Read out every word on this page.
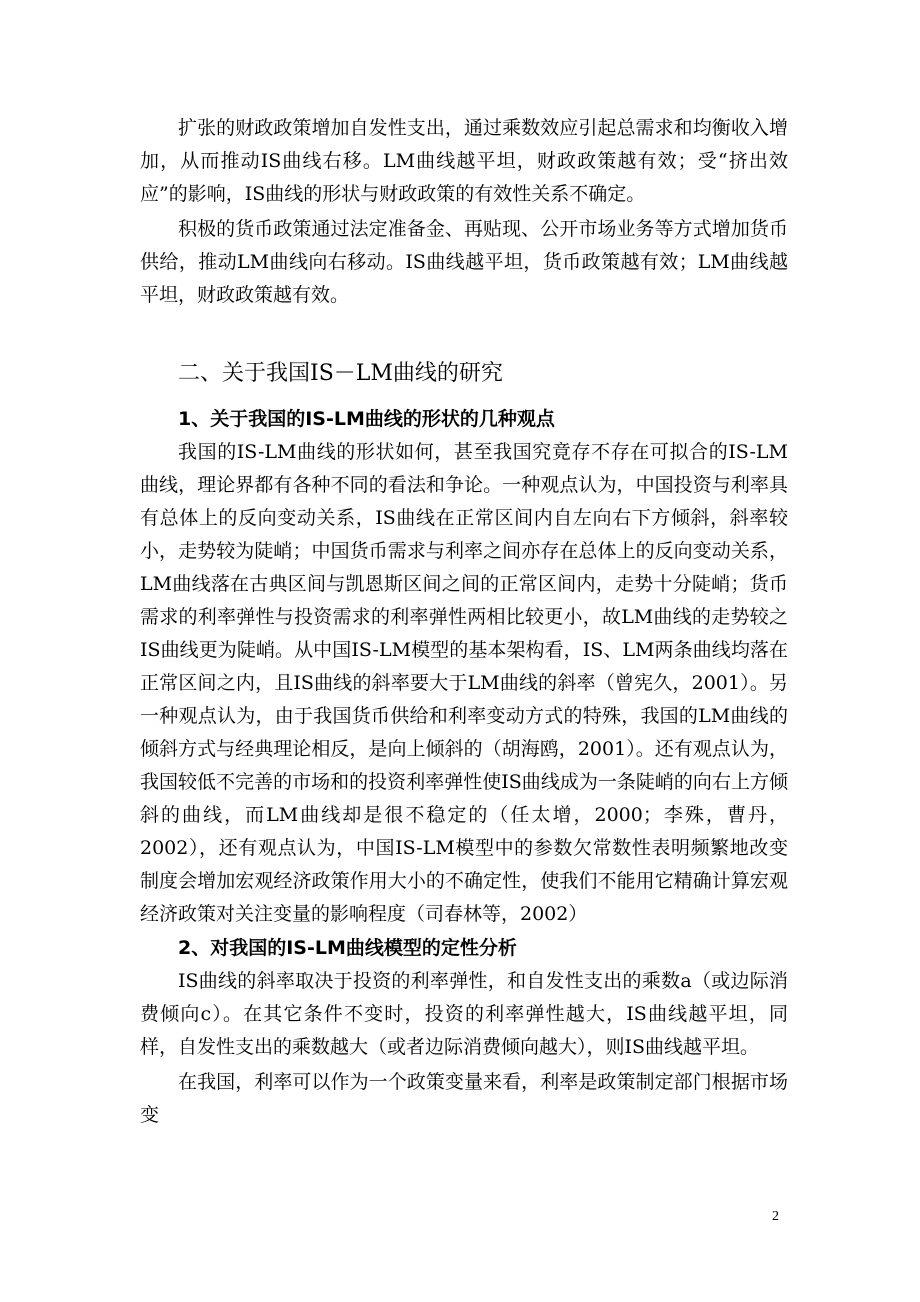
扩张的财政政策增加自发性支出，通过乘数效应引起总需求和均衡收入增加，从而推动IS曲线右移。LM曲线越平坦，财政政策越有效；受“挤出效应”的影响，IS曲线的形状与财政政策的有效性关系不确定。

积极的货币政策通过法定准备金、再贴现、公开市场业务等方式增加货币供给，推动LM曲线向右移动。IS曲线越平坦，货币政策越有效；LM曲线越平坦，财政政策越有效。

二、关于我国IS－LM曲线的研究
1、关于我国的IS-LM曲线的形状的几种观点

我国的IS-LM曲线的形状如何，甚至我国究竟存不存在可拟合的IS-LM曲线，理论界都有各种不同的看法和争论。一种观点认为，中国投资与利率具有总体上的反向变动关系，IS曲线在正常区间内自左向右下方倾斜，斜率较小，走势较为陡峭；中国货币需求与利率之间亦存在总体上的反向变动关系，LM曲线落在古典区间与凯恩斯区间之间的正常区间内，走势十分陡峭；货币需求的利率弹性与投资需求的利率弹性两相比较更小，故LM曲线的走势较之IS曲线更为陡峭。从中国IS-LM模型的基本架构看，IS、LM两条曲线均落在正常区间之内，且IS曲线的斜率要大于LM曲线的斜率（曾宪久，2001）。另一种观点认为，由于我国货币供给和利率变动方式的特殊，我国的LM曲线的倾斜方式与经典理论相反，是向上倾斜的（胡海鸥，2001）。还有观点认为，我国较低不完善的市场和的投资利率弹性使IS曲线成为一条陡峭的向右上方倾斜的曲线，而LM曲线却是很不稳定的（任太增，2000；李殊，曹丹，2002），还有观点认为，中国IS-LM模型中的参数欠常数性表明频繁地改变制度会增加宏观经济政策作用大小的不确定性，使我们不能用它精确计算宏观经济政策对关注变量的影响程度（司春林等，2002）

2、对我国的IS-LM曲线模型的定性分析

IS曲线的斜率取决于投资的利率弹性，和自发性支出的乘数a（或边际消费倾向c）。在其它条件不变时，投资的利率弹性越大，IS曲线越平坦，同样，自发性支出的乘数越大（或者边际消费倾向越大），则IS曲线越平坦。

在我国，利率可以作为一个政策变量来看，利率是政策制定部门根据市场变

2
